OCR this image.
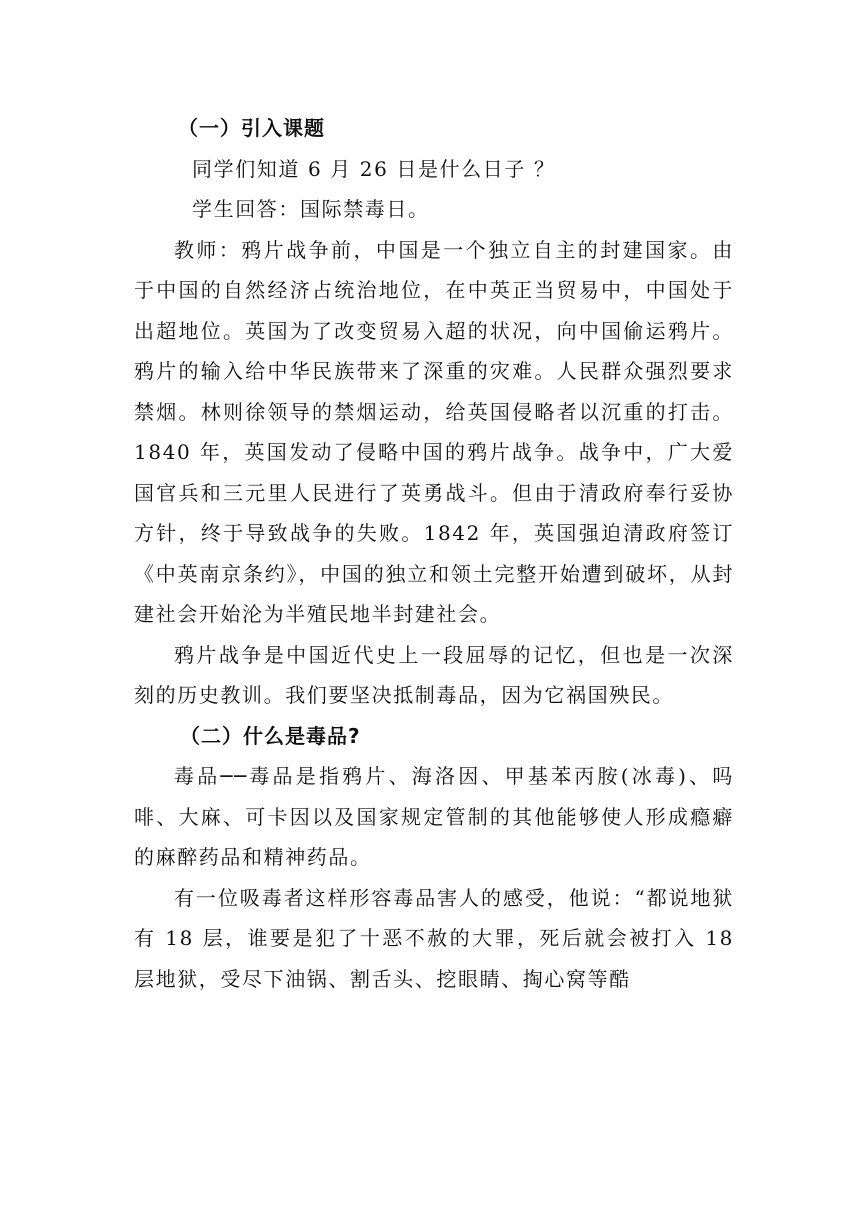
（一）引入课题

同学们知道 6 月 26 日是什么日子 ？

学生回答：国际禁毒日。

教师：鸦片战争前，中国是一个独立自主的封建国家。由于中国的自然经济占统治地位，在中英正当贸易中，中国处于出超地位。英国为了改变贸易入超的状况，向中国偷运鸦片。鸦片的输入给中华民族带来了深重的灾难。人民群众强烈要求禁烟。林则徐领导的禁烟运动，给英国侵略者以沉重的打击。1840 年，英国发动了侵略中国的鸦片战争。战争中，广大爱国官兵和三元里人民进行了英勇战斗。但由于清政府奉行妥协方针，终于导致战争的失败。1842 年，英国强迫清政府签订《中英南京条约》，中国的独立和领土完整开始遭到破坏，从封建社会开始沦为半殖民地半封建社会。

鸦片战争是中国近代史上一段屈辱的记忆，但也是一次深刻的历史教训。我们要坚决抵制毒品，因为它祸国殃民。

（二）什么是毒品?

毒品──毒品是指鸦片、海洛因、甲基苯丙胺(冰毒)、吗啡、大麻、可卡因以及国家规定管制的其他能够使人形成瘾癖的麻醉药品和精神药品。

有一位吸毒者这样形容毒品害人的感受，他说：“都说地狱有 18 层，谁要是犯了十恶不赦的大罪，死后就会被打入 18 层地狱，受尽下油锅、割舌头、挖眼睛、掏心窝等酷
